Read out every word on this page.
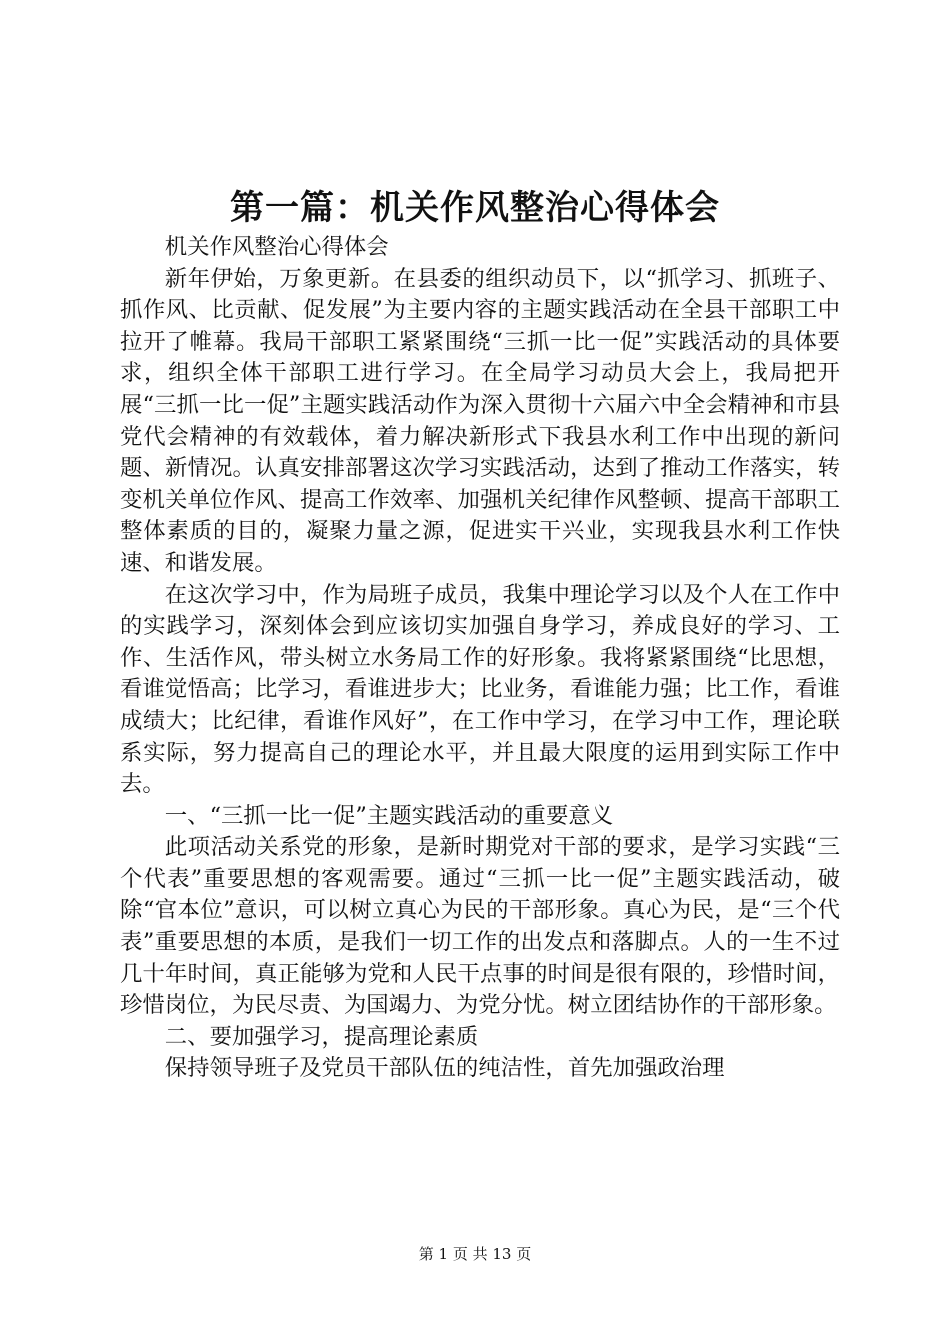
第一篇：机关作风整治心得体会

机关作风整治心得体会

新年伊始，万象更新。在县委的组织动员下，以“抓学习、抓班子、抓作风、比贡献、促发展”为主要内容的主题实践活动在全县干部职工中拉开了帷幕。我局干部职工紧紧围绕“三抓一比一促”实践活动的具体要求，组织全体干部职工进行学习。在全局学习动员大会上，我局把开展“三抓一比一促”主题实践活动作为深入贯彻十六届六中全会精神和市县党代会精神的有效载体，着力解决新形式下我县水利工作中出现的新问题、新情况。认真安排部署这次学习实践活动，达到了推动工作落实，转变机关单位作风、提高工作效率、加强机关纪律作风整顿、提高干部职工整体素质的目的，凝聚力量之源，促进实干兴业，实现我县水利工作快速、和谐发展。

在这次学习中，作为局班子成员，我集中理论学习以及个人在工作中的实践学习，深刻体会到应该切实加强自身学习，养成良好的学习、工作、生活作风，带头树立水务局工作的好形象。我将紧紧围绕“比思想，看谁觉悟高；比学习，看谁进步大；比业务，看谁能力强；比工作，看谁成绩大；比纪律，看谁作风好”，在工作中学习，在学习中工作，理论联系实际，努力提高自己的理论水平，并且最大限度的运用到实际工作中去。

一、“三抓一比一促”主题实践活动的重要意义

此项活动关系党的形象，是新时期党对干部的要求，是学习实践“三个代表”重要思想的客观需要。通过“三抓一比一促”主题实践活动，破除“官本位”意识，可以树立真心为民的干部形象。真心为民，是“三个代表”重要思想的本质，是我们一切工作的出发点和落脚点。人的一生不过几十年时间，真正能够为党和人民干点事的时间是很有限的，珍惜时间，珍惜岗位，为民尽责、为国竭力、为党分忧。树立团结协作的干部形象。

二、要加强学习，提高理论素质

保持领导班子及党员干部队伍的纯洁性，首先加强政治理

第 1 页 共 13 页
